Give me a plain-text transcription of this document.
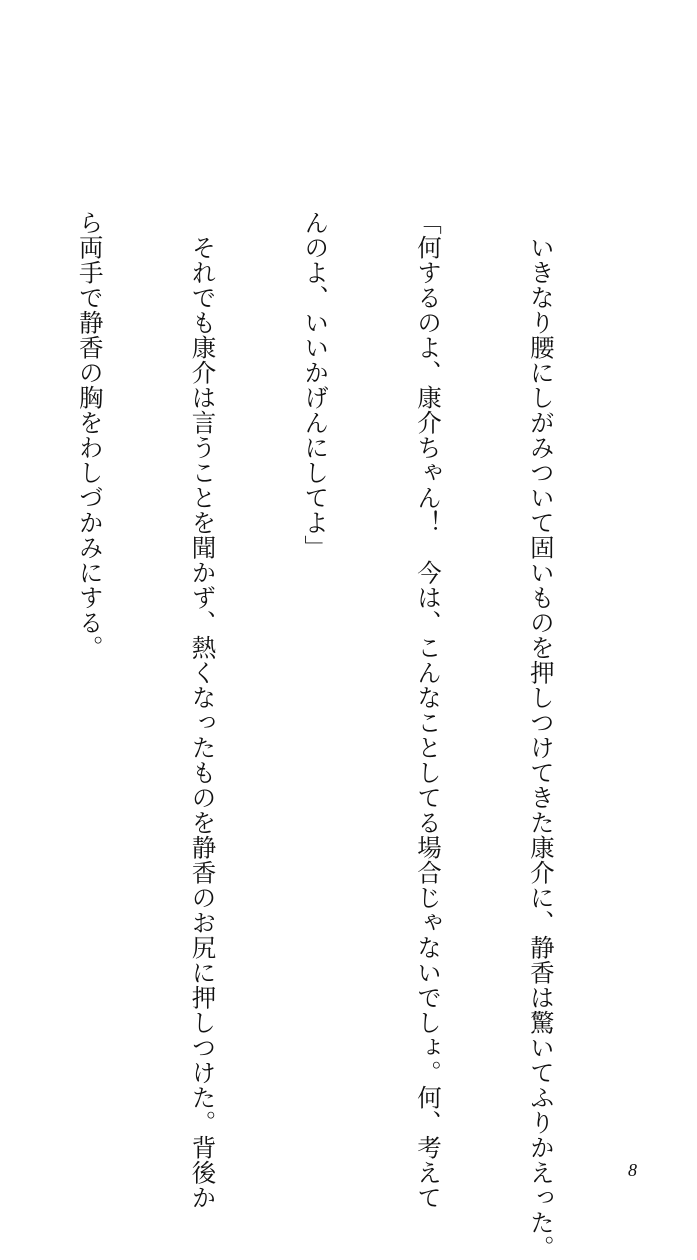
　いきなり腰にしがみついて固いものを押しつけてきた康介に、静香は驚いてふりかえった。

「何するのよ、康介ちゃん！　今は、こんなことしてる場合じゃないでしょ。何、考えて

んのよ、いいかげんにしてよ」

　それでも康介は言うことを聞かず、熱くなったものを静香のお尻に押しつけた。背後か

ら両手で静香の胸をわしづかみにする。

8
